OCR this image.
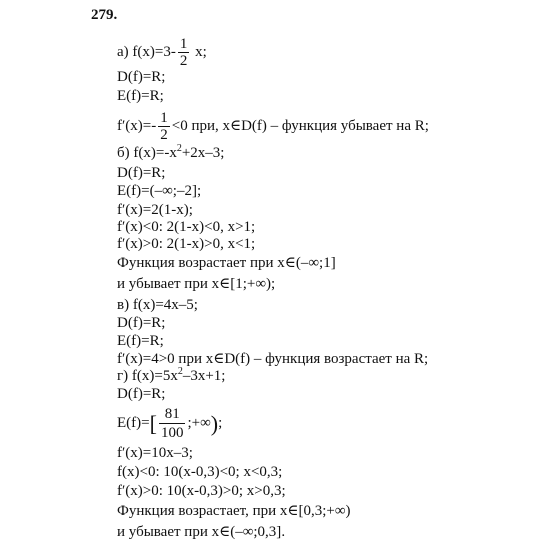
279.
а) $f(x)=3- \frac{1}{2} x$;
D(f)=R;
E(f)=R;
$f'(x)=- \frac{1}{2} <0$ при, x∈D(f) – функция убывает на R;
б) $f(x)=-x^2+2x-3$;
D(f)=R;
E(f)=(–∞;–2];
f′(x)=2(1-x);
f′(x)<0: 2(1-x)<0, x>1;
f′(x)>0: 2(1-x)>0, x<1;
Функция возрастает при x∈(–∞;1]
и убывает при x∈[1;+∞);
в) f(x)=4x–5;
D(f)=R;
E(f)=R;
f′(x)=4>0 при x∈D(f) – функция возрастает на R;
г) $f(x)=5x^2-3x+1$;
D(f)=R;
$E(f)=[ \frac{81}{100}$ ;+∞);
f′(x)=10x–3;
f(x)<0: 10(x-0,3)<0; x<0,3;
f′(x)>0: 10(x-0,3)>0; x>0,3;
Функция возрастает, при x∈[0,3;+∞)
и убывает при x∈(–∞;0,3].
